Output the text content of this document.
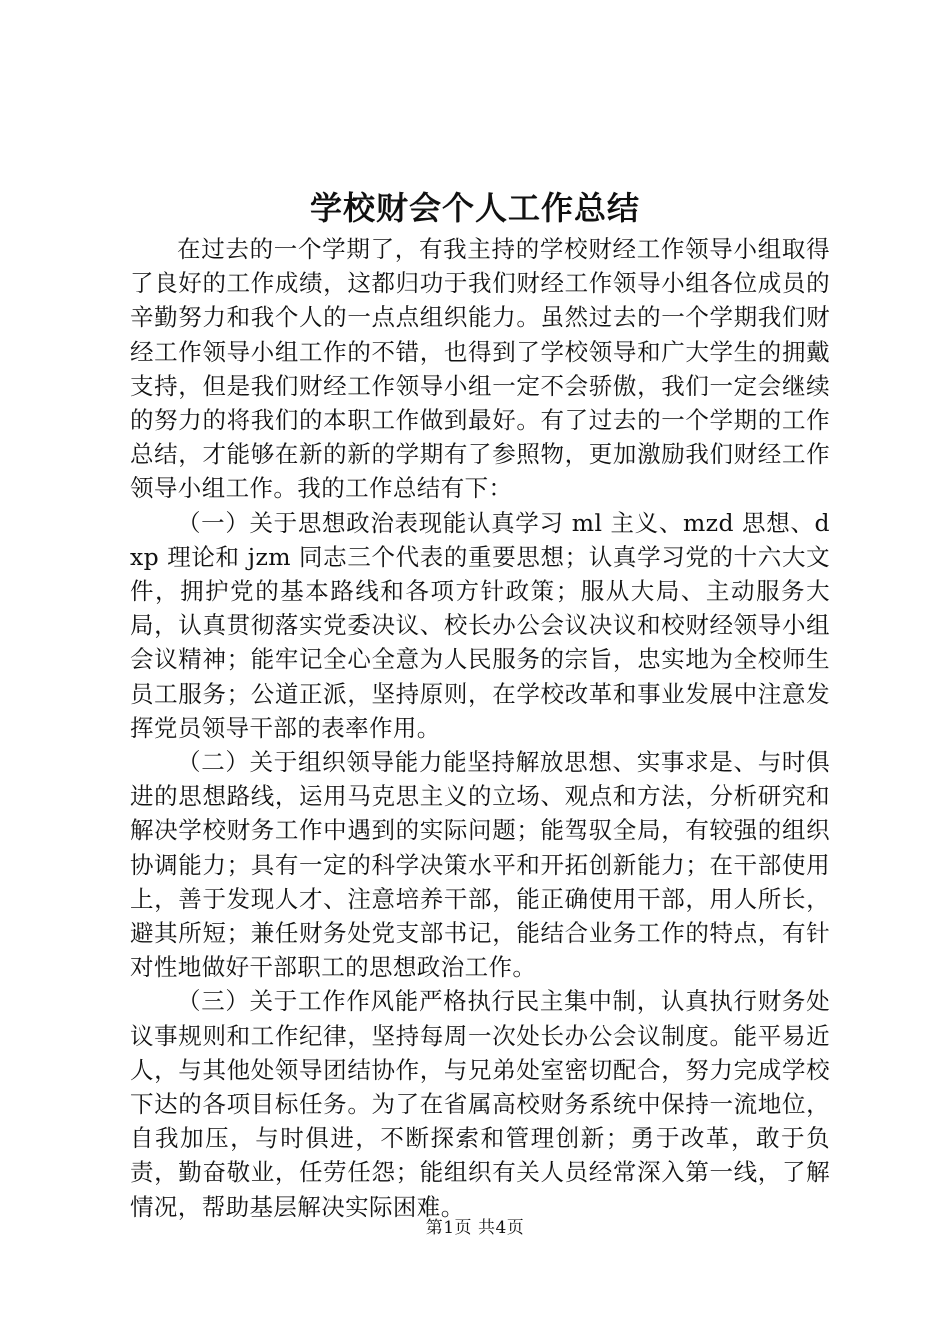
学校财会个人工作总结

在过去的一个学期了，有我主持的学校财经工作领导小组取得了良好的工作成绩，这都归功于我们财经工作领导小组各位成员的辛勤努力和我个人的一点点组织能力。虽然过去的一个学期我们财经工作领导小组工作的不错，也得到了学校领导和广大学生的拥戴支持，但是我们财经工作领导小组一定不会骄傲，我们一定会继续的努力的将我们的本职工作做到最好。有了过去的一个学期的工作总结，才能够在新的新的学期有了参照物，更加激励我们财经工作领导小组工作。我的工作总结有下：

（一）关于思想政治表现能认真学习 ml 主义、mzd 思想、dxp 理论和 jzm 同志三个代表的重要思想；认真学习党的十六大文件，拥护党的基本路线和各项方针政策；服从大局、主动服务大局，认真贯彻落实党委决议、校长办公会议决议和校财经领导小组会议精神；能牢记全心全意为人民服务的宗旨，忠实地为全校师生员工服务；公道正派，坚持原则，在学校改革和事业发展中注意发挥党员领导干部的表率作用。

（二）关于组织领导能力能坚持解放思想、实事求是、与时俱进的思想路线，运用马克思主义的立场、观点和方法，分析研究和解决学校财务工作中遇到的实际问题；能驾驭全局，有较强的组织协调能力；具有一定的科学决策水平和开拓创新能力；在干部使用上，善于发现人才、注意培养干部，能正确使用干部，用人所长，避其所短；兼任财务处党支部书记，能结合业务工作的特点，有针对性地做好干部职工的思想政治工作。

（三）关于工作作风能严格执行民主集中制，认真执行财务处议事规则和工作纪律，坚持每周一次处长办公会议制度。能平易近人，与其他处领导团结协作，与兄弟处室密切配合，努力完成学校下达的各项目标任务。为了在省属高校财务系统中保持一流地位，自我加压，与时俱进，不断探索和管理创新；勇于改革，敢于负责，勤奋敬业，任劳任怨；能组织有关人员经常深入第一线，了解情况，帮助基层解决实际困难。

第1页 共4页
